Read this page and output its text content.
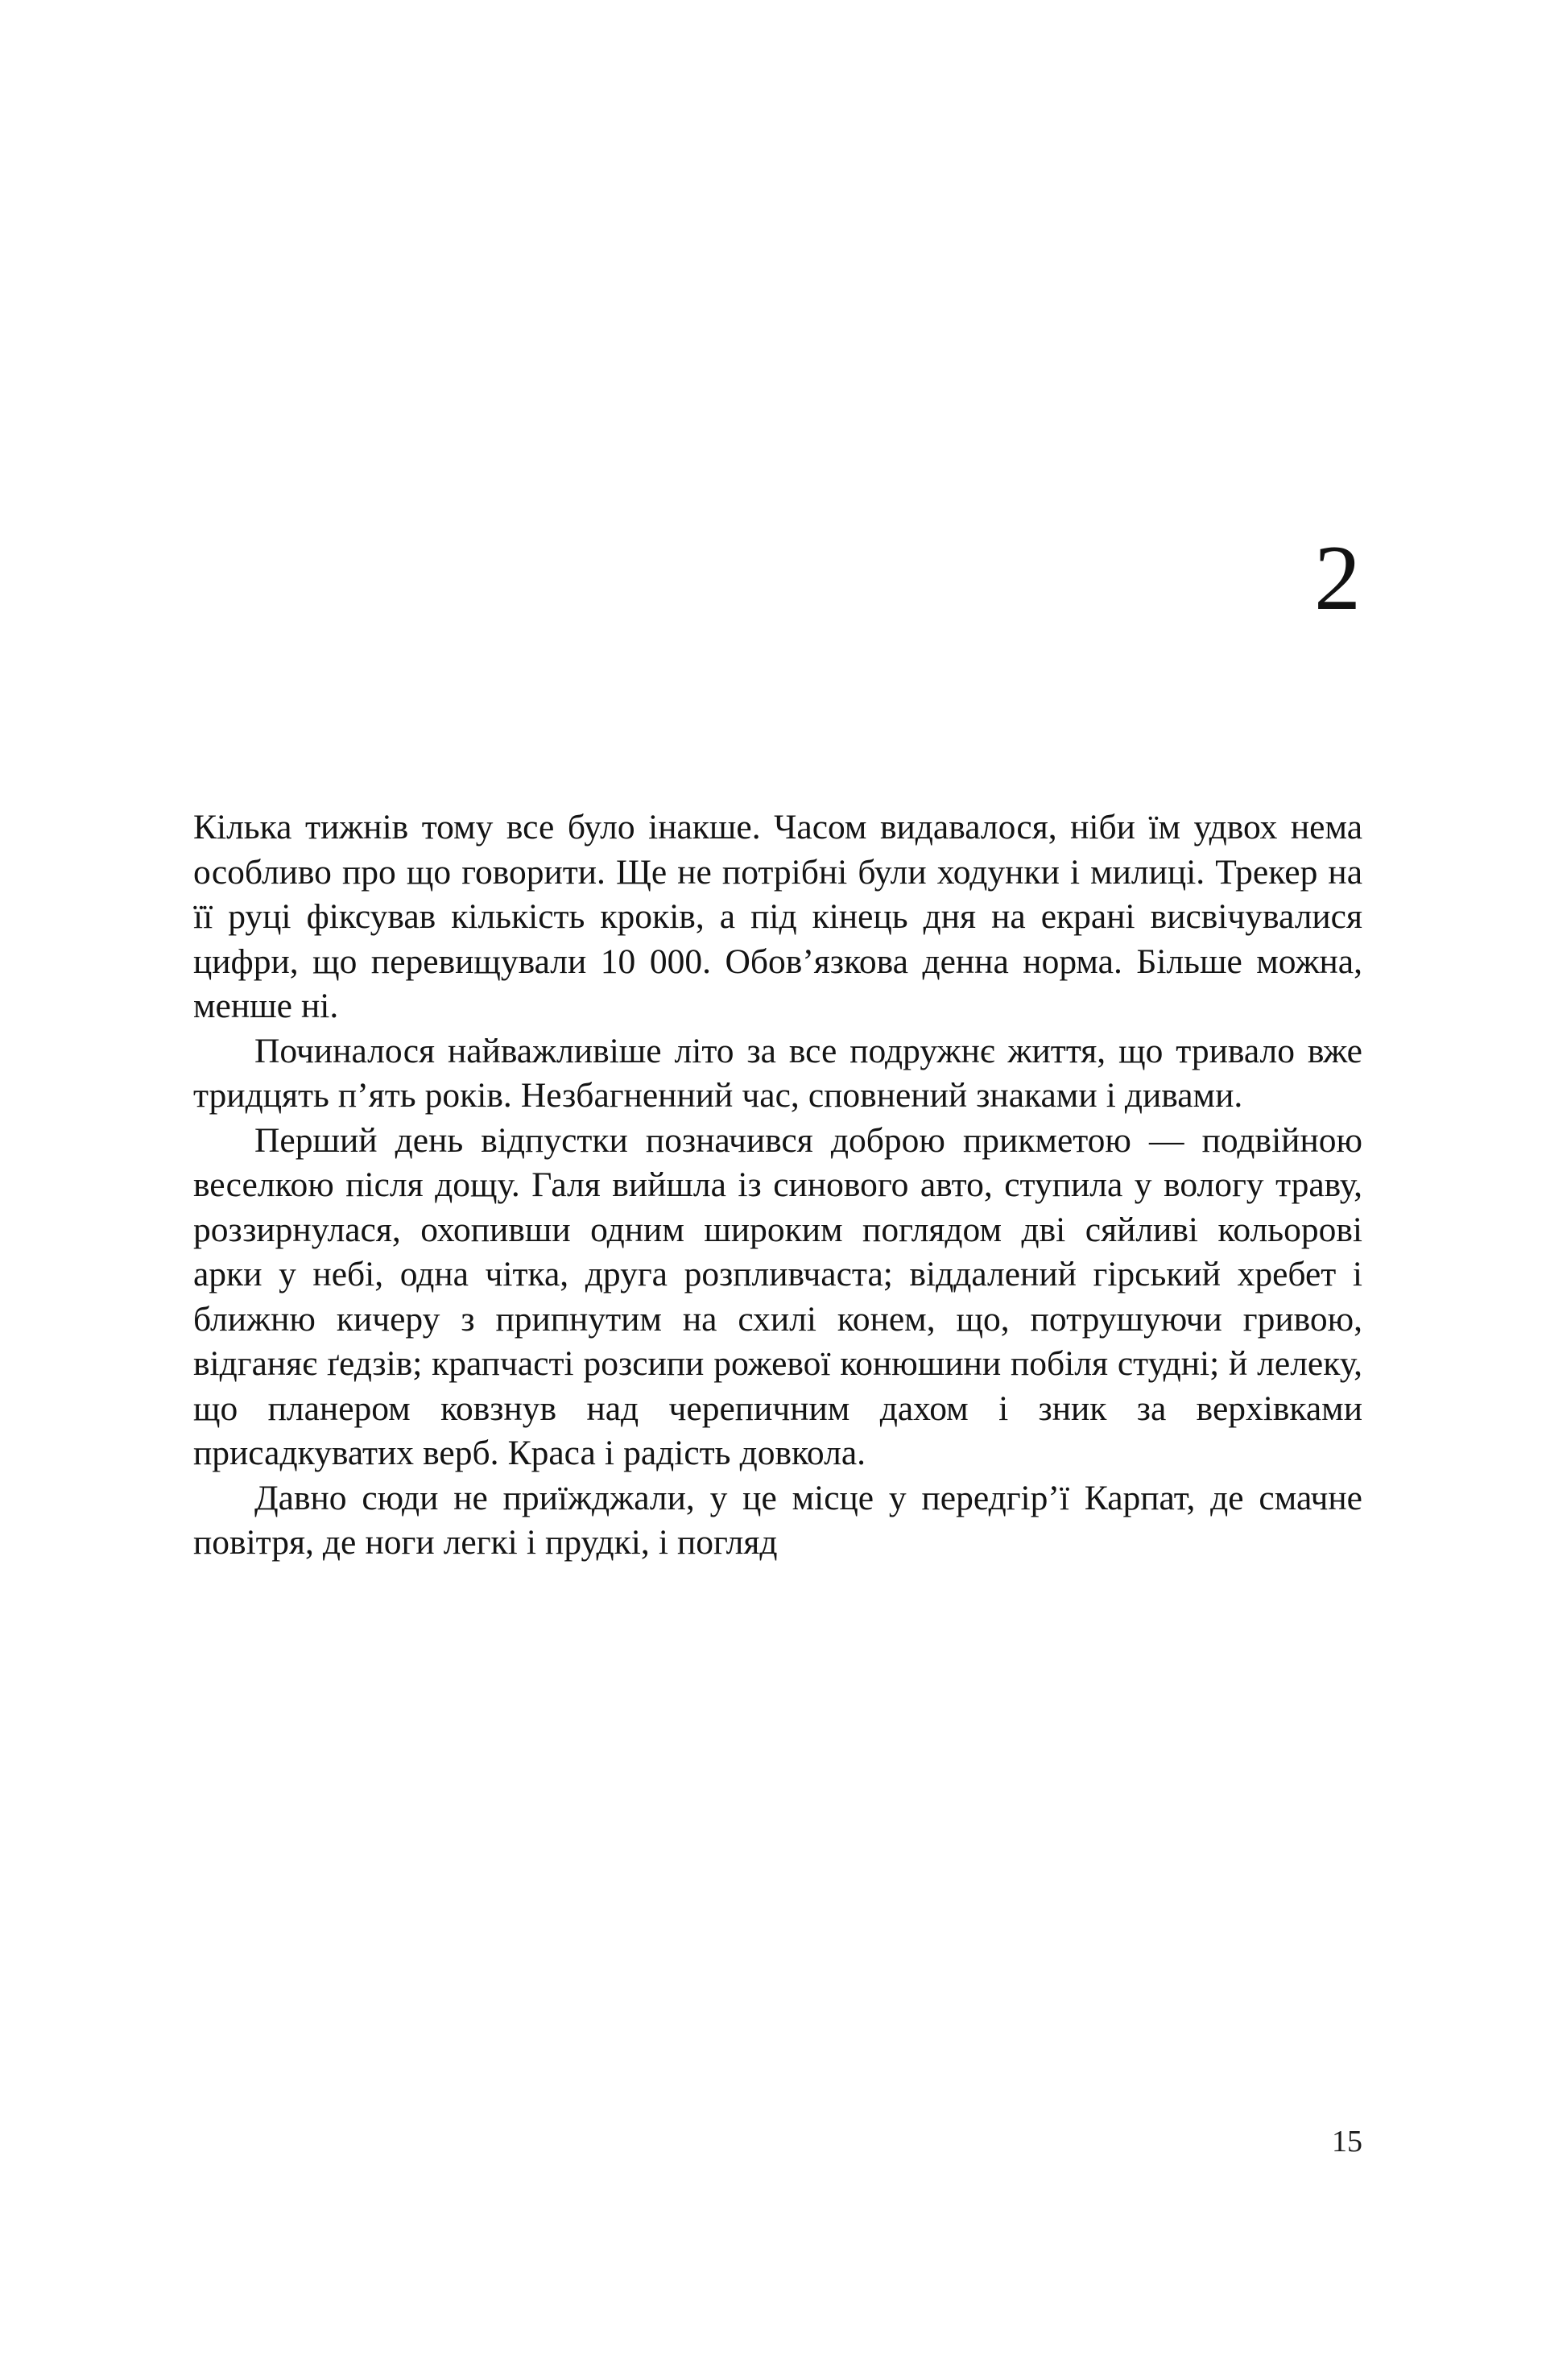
2

Кілька тижнів тому все було інакше. Часом видавалося, ніби їм удвох нема особливо про що говорити. Ще не потрібні були ходунки і милиці. Трекер на її руці фіксував кількість кроків, а під кінець дня на екрані висвічувалися цифри, що перевищували 10 000. Обов’язкова денна норма. Більше можна, менше ні.

Починалося найважливіше літо за все подружнє життя, що тривало вже тридцять п’ять років. Незбагненний час, сповнений знаками і дивами.

Перший день відпустки позначився доброю прикметою — подвійною веселкою після дощу. Галя вийшла із синового авто, ступила у вологу траву, роззирнулася, охопивши одним широким поглядом дві сяйливі кольорові арки у небі, одна чітка, друга розпливчаста; віддалений гірський хребет і ближню кичеру з припнутим на схилі конем, що, потрушуючи гривою, відганяє ґедзів; крапчасті розсипи рожевої конюшини побіля студні; й лелеку, що планером ковзнув над черепичним дахом і зник за верхівками присадкуватих верб. Краса і радість довкола.

Давно сюди не приїжджали, у це місце у передгір’ї Карпат, де смачне повітря, де ноги легкі і прудкі, і погляд

15
